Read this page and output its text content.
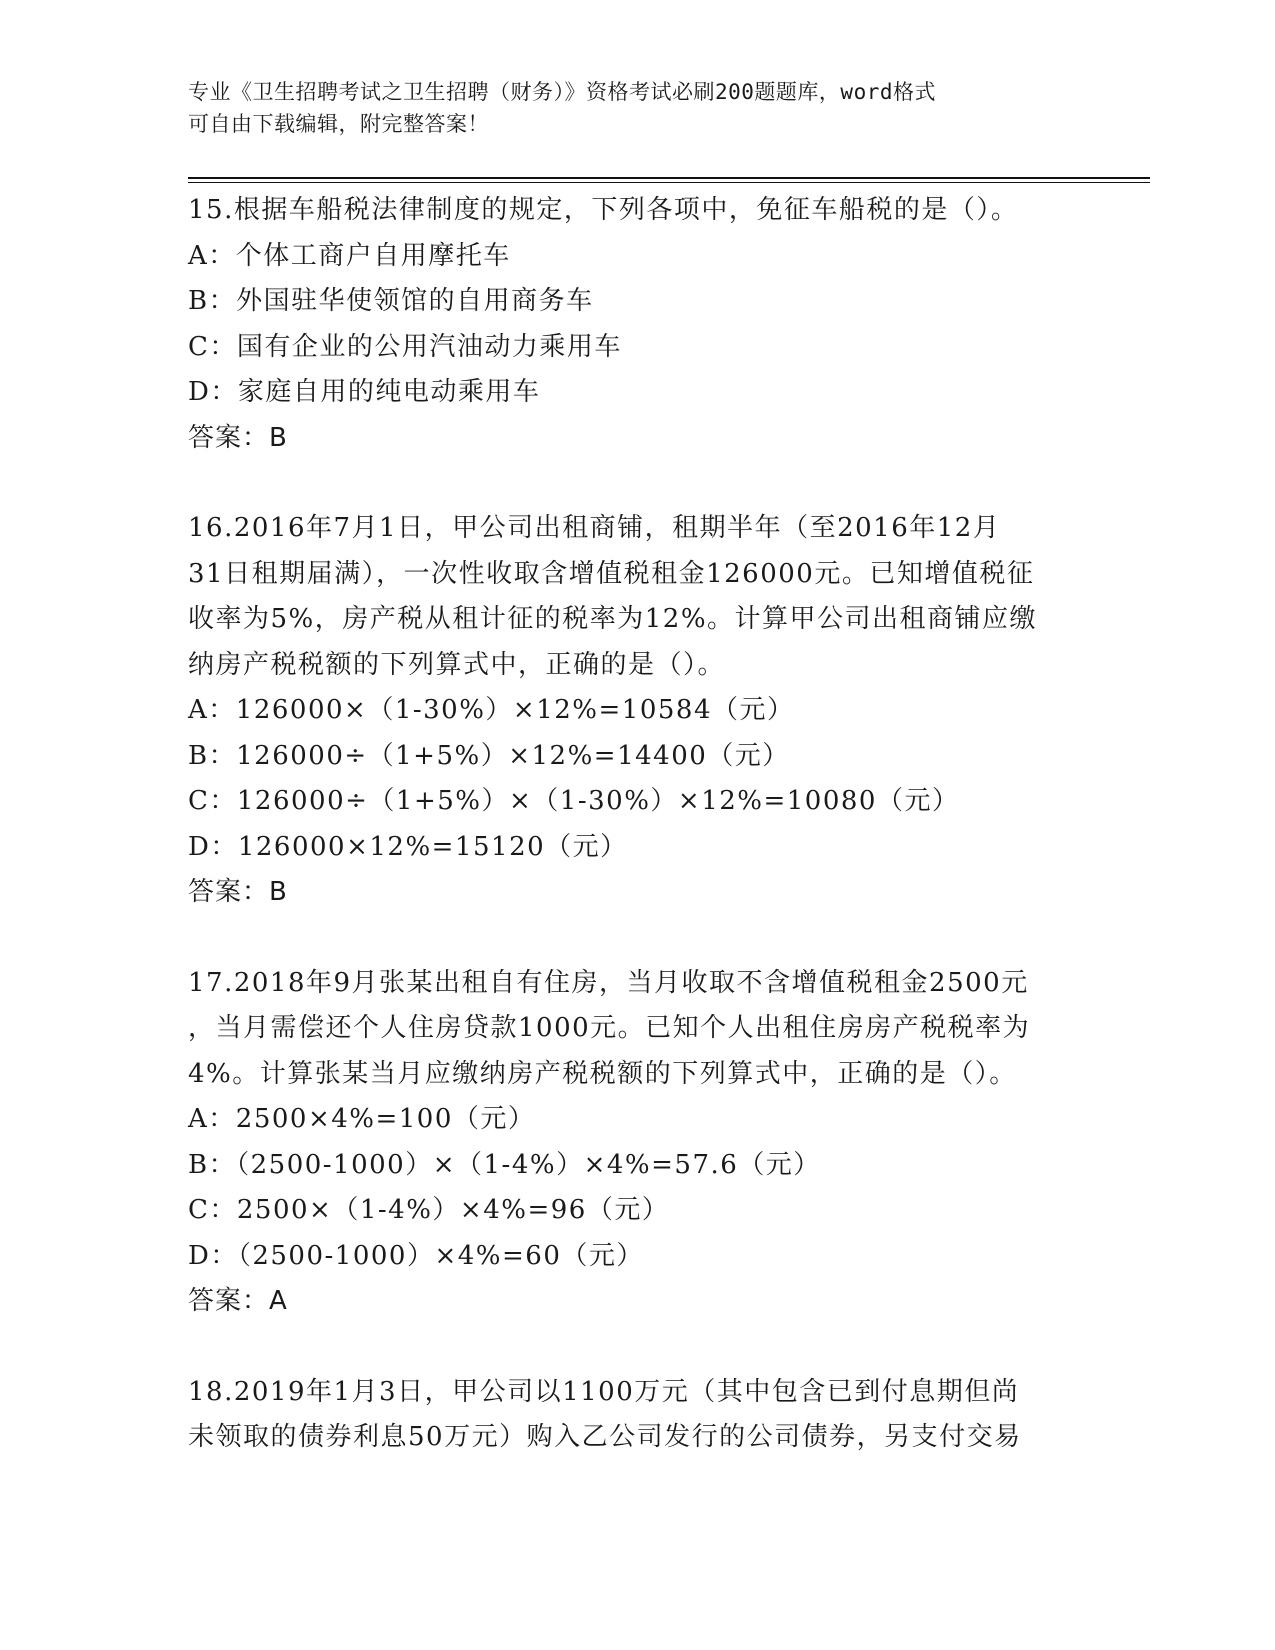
专业《卫生招聘考试之卫生招聘（财务）》资格考试必刷200题题库，word格式
可自由下载编辑，附完整答案！
15.根据车船税法律制度的规定，下列各项中，免征车船税的是（）。
A：个体工商户自用摩托车
B：外国驻华使领馆的自用商务车
C：国有企业的公用汽油动力乘用车
D：家庭自用的纯电动乘用车
答案：B
16.2016年7月1日，甲公司出租商铺，租期半年（至2016年12月
31日租期届满），一次性收取含增值税租金126000元。已知增值税征
收率为5%，房产税从租计征的税率为12%。计算甲公司出租商铺应缴
纳房产税税额的下列算式中，正确的是（）。
A：126000×（1-30%）×12%=10584（元）
B：126000÷（1+5%）×12%=14400（元）
C：126000÷（1+5%）×（1-30%）×12%=10080（元）
D：126000×12%=15120（元）
答案：B
17.2018年9月张某出租自有住房，当月收取不含增值税租金2500元
，当月需偿还个人住房贷款1000元。已知个人出租住房房产税税率为
4%。计算张某当月应缴纳房产税税额的下列算式中，正确的是（）。
A：2500×4%=100（元）
B：（2500-1000）×（1-4%）×4%=57.6（元）
C：2500×（1-4%）×4%=96（元）
D：（2500-1000）×4%=60（元）
答案：A
18.2019年1月3日，甲公司以1100万元（其中包含已到付息期但尚
未领取的债券利息50万元）购入乙公司发行的公司债券，另支付交易
